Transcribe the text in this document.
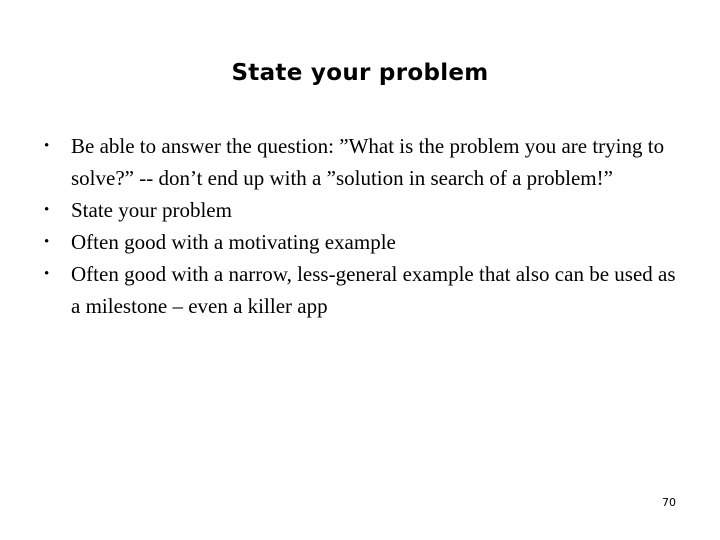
State your problem
• Be able to answer the question: ”What is the problem you are trying to solve?” -- don’t end up with a ”solution in search of a problem!”
• State your problem
• Often good with a motivating example
• Often good with a narrow, less-general example that also can be used as a milestone – even a killer app
70
